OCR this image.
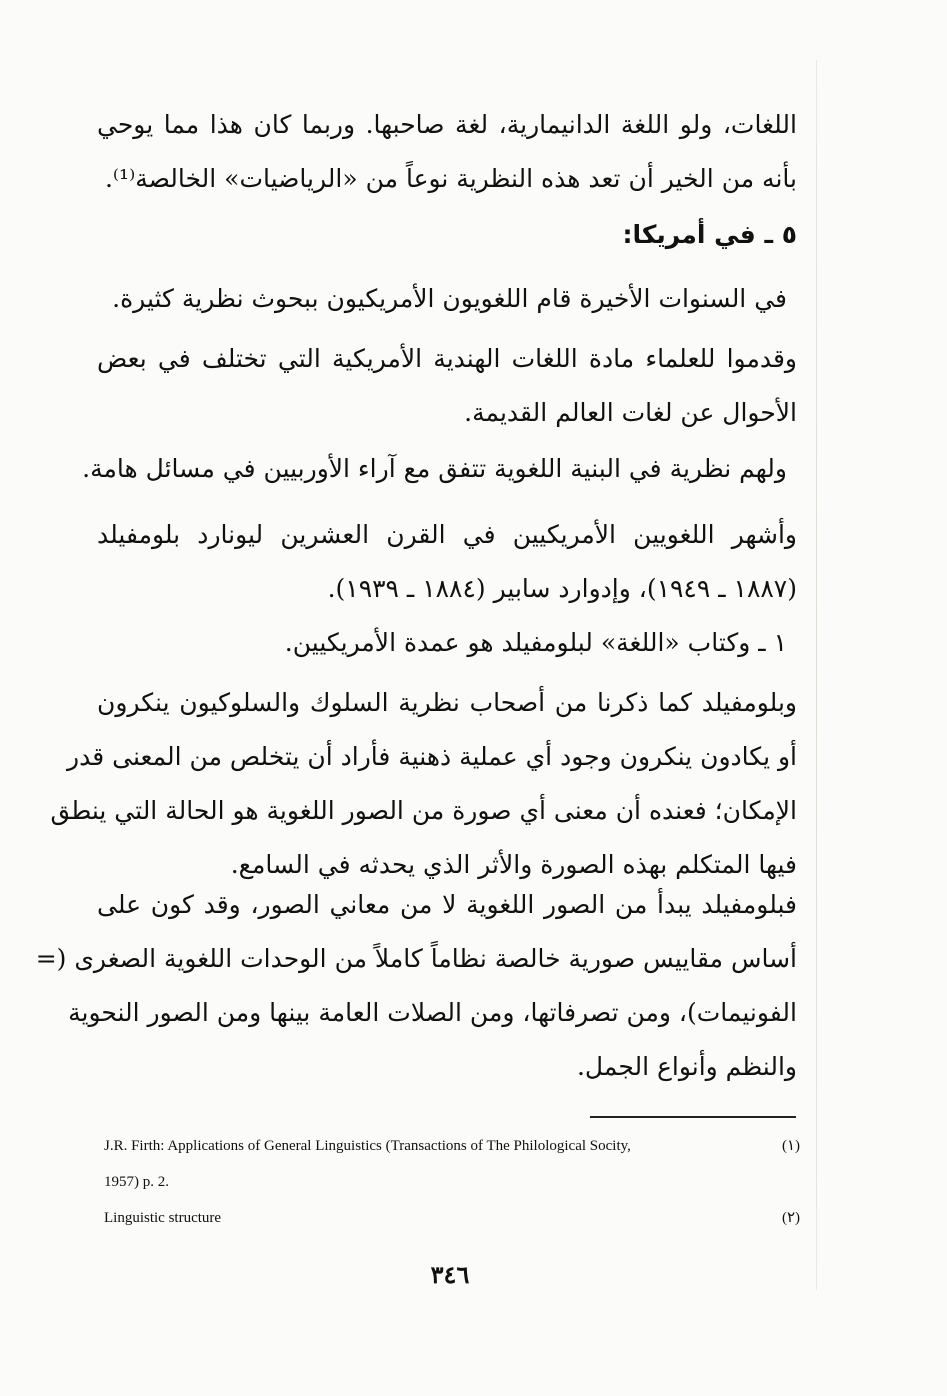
اللغات، ولو اللغة الدانيمارية، لغة صاحبها. وربما كان هذا مما يوحي
بأنه من الخير أن تعد هذه النظرية نوعاً من «الرياضيات» الخالصة⁽¹⁾.
٥ ـ في أمريكا:
في السنوات الأخيرة قام اللغويون الأمريكيون ببحوث نظرية كثيرة.
وقدموا للعلماء مادة اللغات الهندية الأمريكية التي تختلف في بعض
الأحوال عن لغات العالم القديمة.
ولهم نظرية في البنية اللغوية تتفق مع آراء الأوربيين في مسائل هامة.
وأشهر اللغويين الأمريكيين في القرن العشرين ليونارد بلومفيلد
(١٨٨٧ ـ ١٩٤٩)، وإدوارد سابير (١٨٨٤ ـ ١٩٣٩).
١ ـ وكتاب «اللغة» لبلومفيلد هو عمدة الأمريكيين.
وبلومفيلد كما ذكرنا من أصحاب نظرية السلوك والسلوكيون ينكرون
أو يكادون ينكرون وجود أي عملية ذهنية فأراد أن يتخلص من المعنى قدر
الإمكان؛ فعنده أن معنى أي صورة من الصور اللغوية هو الحالة التي ينطق
فيها المتكلم بهذه الصورة والأثر الذي يحدثه في السامع.
فبلومفيلد يبدأ من الصور اللغوية لا من معاني الصور، وقد كون على
أساس مقاييس صورية خالصة نظاماً كاملاً من الوحدات اللغوية الصغرى (=
الفونيمات)، ومن تصرفاتها، ومن الصلات العامة بينها ومن الصور النحوية
والنظم وأنواع الجمل.
J.R. Firth: Applications of General Linguistics (Transactions of The Philological Socity,	(١)
1957) p. 2.
Linguistic structure	(٢)
٣٤٦
